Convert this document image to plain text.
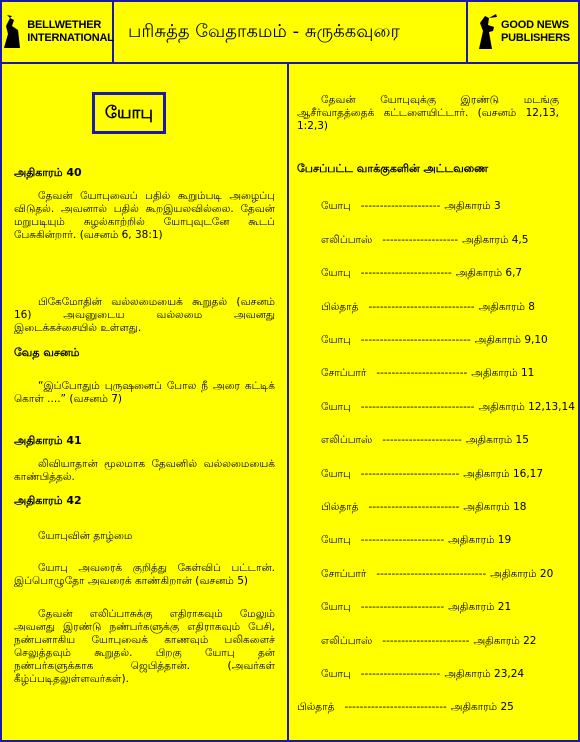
BELLWETHER
INTERNATIONAL பரிசுத்த வேதாகமம் - சுருக்கவுரை	GOOD NEWS
PUBLISHERS
யோபு
அதிகாரம் 40

தேவன் யோபுவைப் பதில் கூறும்படி அழைப்பு விடுதல். அவனால் பதில் கூறஇயலவில்லை. தேவன் மறுபடியும் சுழல்காற்றில் யோபுவுடனே கூடப் பேசுகின்றார். (வசனம் 6, 38:1)

பிகேமோதின் வல்லமையைக் கூறுதல் (வசனம் 16) அவனுடைய வல்லமை அவனது இடைக்கச்சையில் உள்ளது.

வேத வசனம்

“இப்போதும் புருஷனைப் போல நீ அரை கட்டிக் கொள் ....” (வசனம் 7)

அதிகாரம் 41

லிவியாதான் மூலமாக தேவனில் வல்லமையைக் காண்பித்தல்.

அதிகாரம் 42

யோபுவின் தாழ்மை

யோபு அவரைக் குறித்து கேள்விப் பட்டான். இப்பொழுதோ அவரைக் காண்கிறான் (வசனம் 5)

தேவன் எலிப்பாசுக்கு எதிராகவும் மேலும் அவனது இரண்டு நண்பர்களுக்கு எதிராகவும் பேசி, நண்பனாகிய யோபுவைக் காணவும் பலிகளைச் செலுத்தவும் கூறுதல். பிறகு யோபு தன் நண்பர்களுக்காக ஜெபித்தான். (அவர்கள் கீழ்ப்படிதலுள்ளவர்கள்).

தேவன் யோபுவுக்கு இரண்டு மடங்கு ஆசீர்வாதத்தைக் கட்டளையிட்டார். (வசனம் 12,13, 1:2,3)

பேசப்பட்ட வாக்குகளின் அட்டவணை
யோபு --------------------- அதிகாரம் 3
எலிப்பாஸ் -------------------- அதிகாரம் 4,5
யோபு ------------------------ அதிகாரம் 6,7
பில்தாத் ---------------------------- அதிகாரம் 8
யோபு ----------------------------- அதிகாரம் 9,10
சோப்பார் ------------------------ அதிகாரம் 11
யோபு ------------------------------ அதிகாரம் 12,13,14
எலிப்பாஸ் --------------------- அதிகாரம் 15
யோபு -------------------------- அதிகாரம் 16,17
பில்தாத் ------------------------ அதிகாரம் 18
யோபு ---------------------- அதிகாரம் 19
சோப்பார் ----------------------------- அதிகாரம் 20
யோபு ---------------------- அதிகாரம் 21
எலிப்பாஸ் ----------------------- அதிகாரம் 22
யோபு --------------------- அதிகாரம் 23,24
பில்தாத் --------------------------- அதிகாரம் 25
